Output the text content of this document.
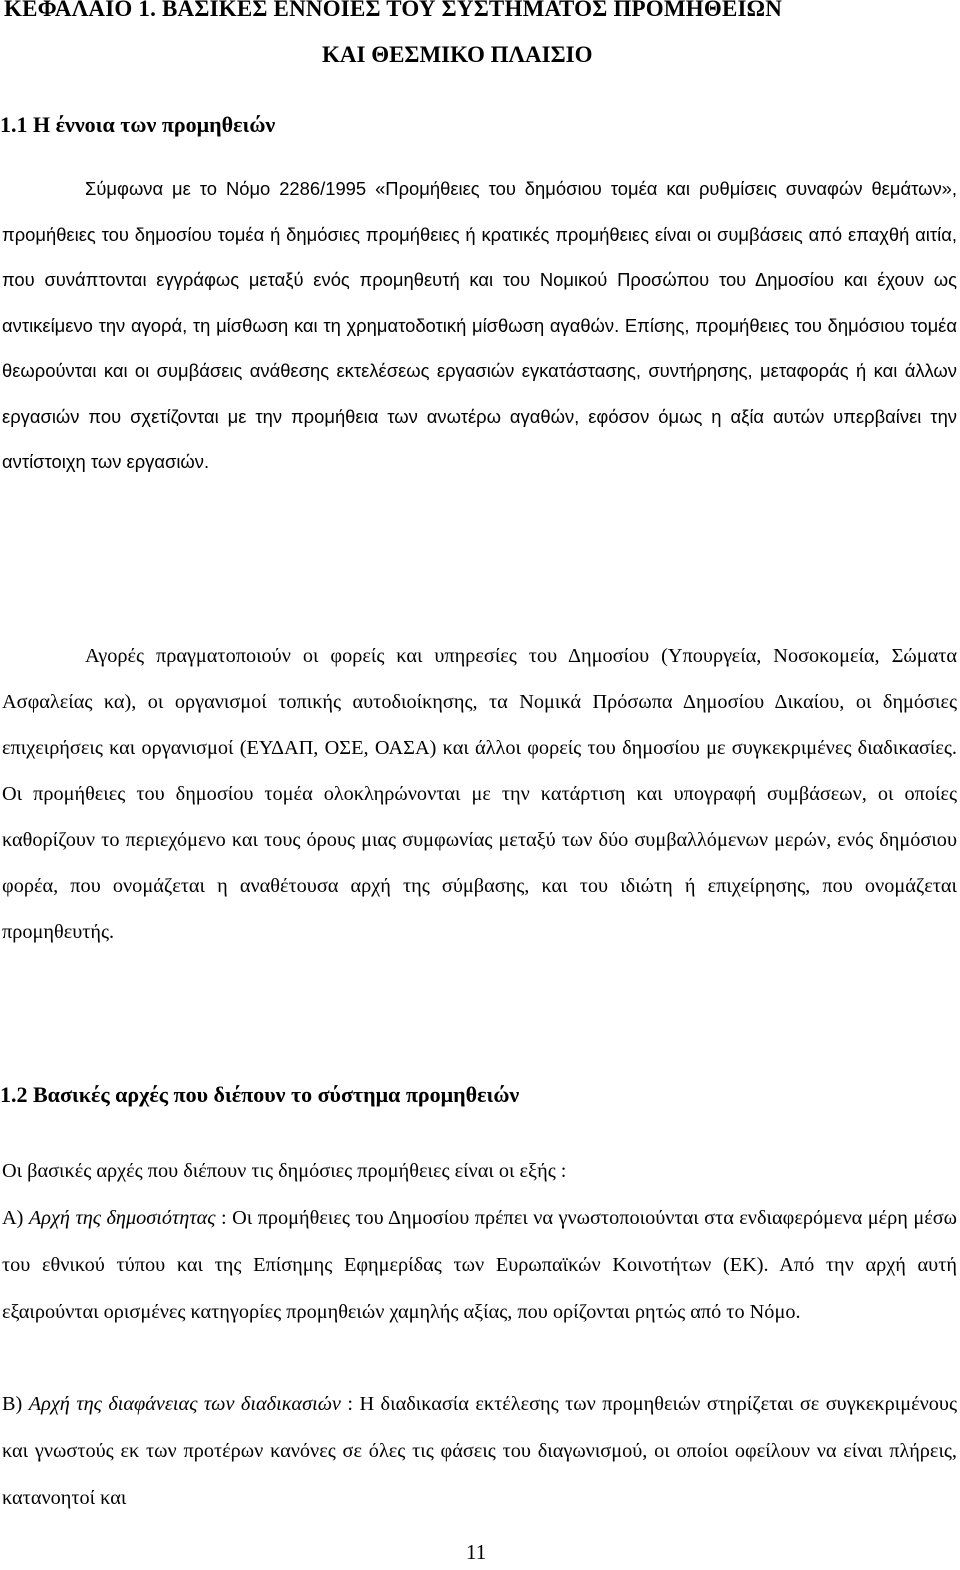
ΚΕΦΑΛΑΙΟ 1. ΒΑΣΙΚΕΣ ΕΝΝΟΙΕΣ ΤΟΥ ΣΥΣΤΗΜΑΤΟΣ ΠΡΟΜΗΘΕΙΩΝ
ΚΑΙ ΘΕΣΜΙΚΟ ΠΛΑΙΣΙΟ
1.1 Η έννοια των προμηθειών

Σύμφωνα με το Νόμο 2286/1995 «Προμήθειες του δημόσιου τομέα και ρυθμίσεις συναφών θεμάτων», προμήθειες του δημοσίου τομέα ή δημόσιες προμήθειες ή κρατικές προμήθειες είναι οι συμβάσεις από επαχθή αιτία, που συνάπτονται εγγράφως μεταξύ ενός προμηθευτή και του Νομικού Προσώπου του Δημοσίου και έχουν ως αντικείμενο την αγορά, τη μίσθωση και τη χρηματοδοτική μίσθωση αγαθών. Επίσης, προμήθειες του δημόσιου τομέα θεωρούνται και οι συμβάσεις ανάθεσης εκτελέσεως εργασιών εγκατάστασης, συντήρησης, μεταφοράς ή και άλλων εργασιών που σχετίζονται με την προμήθεια των ανωτέρω αγαθών, εφόσον όμως η αξία αυτών υπερβαίνει την αντίστοιχη των εργασιών.

Αγορές πραγματοποιούν οι φορείς και υπηρεσίες του Δημοσίου (Υπουργεία, Νοσοκομεία, Σώματα Ασφαλείας κα), οι οργανισμοί τοπικής αυτοδιοίκησης, τα Νομικά Πρόσωπα Δημοσίου Δικαίου, οι δημόσιες επιχειρήσεις και οργανισμοί (ΕΥΔΑΠ, ΟΣΕ, ΟΑΣΑ) και άλλοι φορείς του δημοσίου με συγκεκριμένες διαδικασίες. Οι προμήθειες του δημοσίου τομέα ολοκληρώνονται με την κατάρτιση και υπογραφή συμβάσεων, οι οποίες καθορίζουν το περιεχόμενο και τους όρους μιας συμφωνίας μεταξύ των δύο συμβαλλόμενων μερών, ενός δημόσιου φορέα, που ονομάζεται η αναθέτουσα αρχή της σύμβασης, και του ιδιώτη ή επιχείρησης, που ονομάζεται προμηθευτής.

1.2 Βασικές αρχές που διέπουν το σύστημα προμηθειών
Οι βασικές αρχές που διέπουν τις δημόσιες προμήθειες είναι οι εξής :

Α) Αρχή της δημοσιότητας : Οι προμήθειες του Δημοσίου πρέπει να γνωστοποιούνται στα ενδιαφερόμενα μέρη μέσω του εθνικού τύπου και της Επίσημης Εφημερίδας των Ευρωπαϊκών Κοινοτήτων (ΕΚ). Από την αρχή αυτή εξαιρούνται ορισμένες κατηγορίες προμηθειών χαμηλής αξίας, που ορίζονται ρητώς από το Νόμο.

Β) Αρχή της διαφάνειας των διαδικασιών : Η διαδικασία εκτέλεσης των προμηθειών στηρίζεται σε συγκεκριμένους και γνωστούς εκ των προτέρων κανόνες σε όλες τις φάσεις του διαγωνισμού, οι οποίοι οφείλουν να είναι πλήρεις, κατανοητοί και

11
